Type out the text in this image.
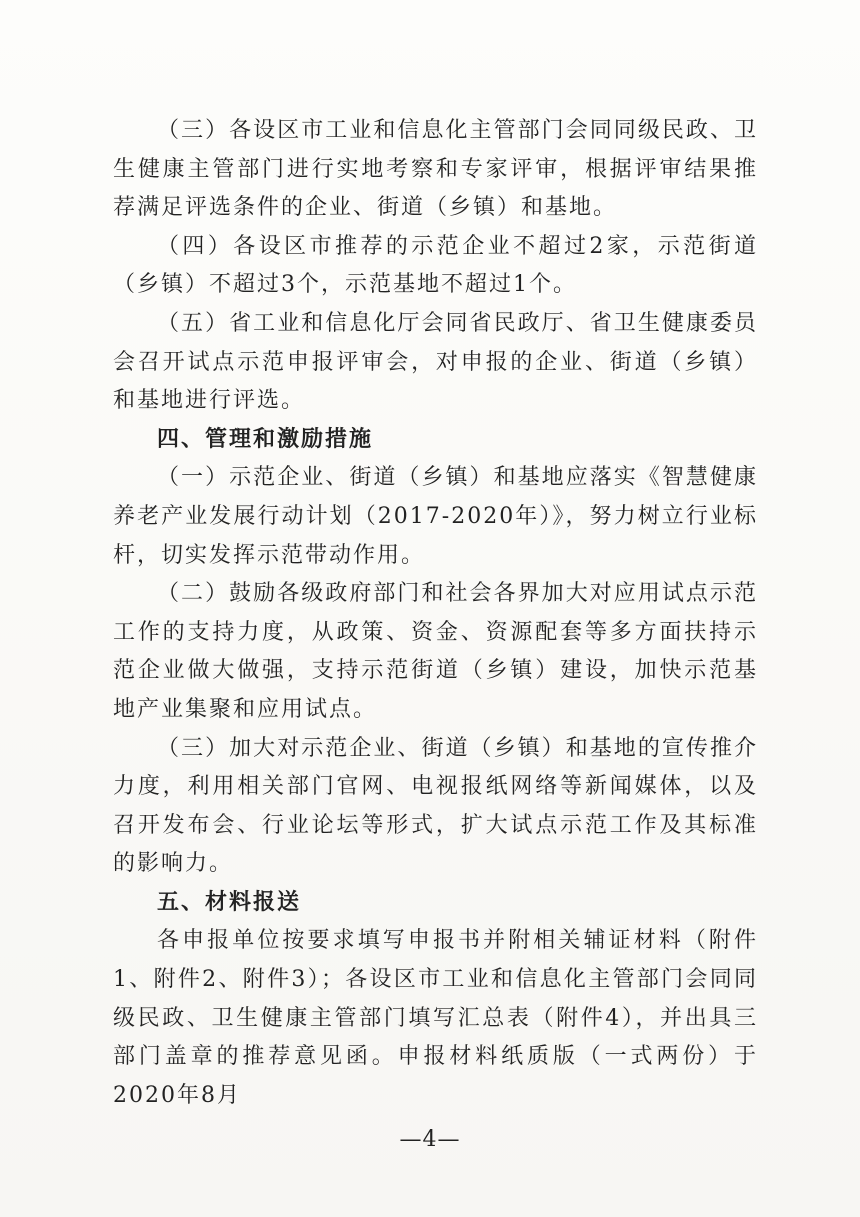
（三）各设区市工业和信息化主管部门会同同级民政、卫生健康主管部门进行实地考察和专家评审，根据评审结果推荐满足评选条件的企业、街道（乡镇）和基地。

（四）各设区市推荐的示范企业不超过2家，示范街道（乡镇）不超过3个，示范基地不超过1个。

（五）省工业和信息化厅会同省民政厅、省卫生健康委员会召开试点示范申报评审会，对申报的企业、街道（乡镇）和基地进行评选。

四、管理和激励措施

（一）示范企业、街道（乡镇）和基地应落实《智慧健康养老产业发展行动计划（2017-2020年）》，努力树立行业标杆，切实发挥示范带动作用。

（二）鼓励各级政府部门和社会各界加大对应用试点示范工作的支持力度，从政策、资金、资源配套等多方面扶持示范企业做大做强，支持示范街道（乡镇）建设，加快示范基地产业集聚和应用试点。

（三）加大对示范企业、街道（乡镇）和基地的宣传推介力度，利用相关部门官网、电视报纸网络等新闻媒体，以及召开发布会、行业论坛等形式，扩大试点示范工作及其标准的影响力。

五、材料报送

各申报单位按要求填写申报书并附相关辅证材料（附件1、附件2、附件3）；各设区市工业和信息化主管部门会同同级民政、卫生健康主管部门填写汇总表（附件4），并出具三部门盖章的推荐意见函。申报材料纸质版（一式两份）于2020年8月

—4—
